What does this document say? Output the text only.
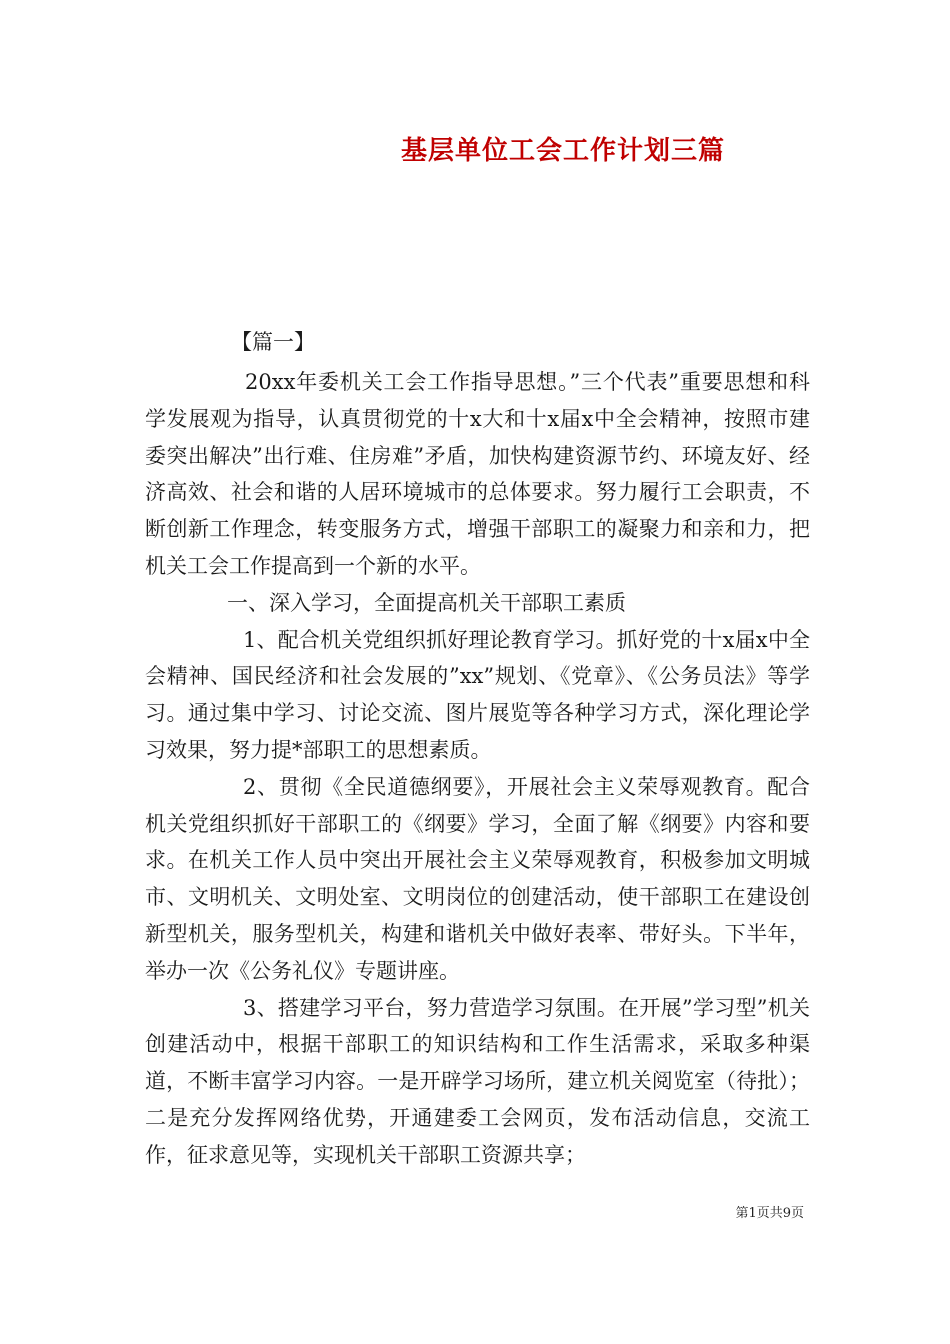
基层单位工会工作计划三篇
【篇一】

20xx年委机关工会工作指导思想。”三个代表”重要思想和科学发展观为指导，认真贯彻党的十x大和十x届x中全会精神，按照市建委突出解决”出行难、住房难”矛盾，加快构建资源节约、环境友好、经济高效、社会和谐的人居环境城市的总体要求。努力履行工会职责，不断创新工作理念，转变服务方式，增强干部职工的凝聚力和亲和力，把机关工会工作提高到一个新的水平。

一、深入学习，全面提高机关干部职工素质

1、配合机关党组织抓好理论教育学习。抓好党的十x届x中全会精神、国民经济和社会发展的”xx”规划、《党章》、《公务员法》等学习。通过集中学习、讨论交流、图片展览等各种学习方式，深化理论学习效果，努力提*部职工的思想素质。

2、贯彻《全民道德纲要》，开展社会主义荣辱观教育。配合机关党组织抓好干部职工的《纲要》学习，全面了解《纲要》内容和要求。在机关工作人员中突出开展社会主义荣辱观教育，积极参加文明城市、文明机关、文明处室、文明岗位的创建活动，使干部职工在建设创新型机关，服务型机关，构建和谐机关中做好表率、带好头。下半年，举办一次《公务礼仪》专题讲座。

3、搭建学习平台，努力营造学习氛围。在开展”学习型”机关创建活动中，根据干部职工的知识结构和工作生活需求，采取多种渠道，不断丰富学习内容。一是开辟学习场所，建立机关阅览室（待批）；二是充分发挥网络优势，开通建委工会网页，发布活动信息，交流工作，征求意见等，实现机关干部职工资源共享；

第1页共9页
